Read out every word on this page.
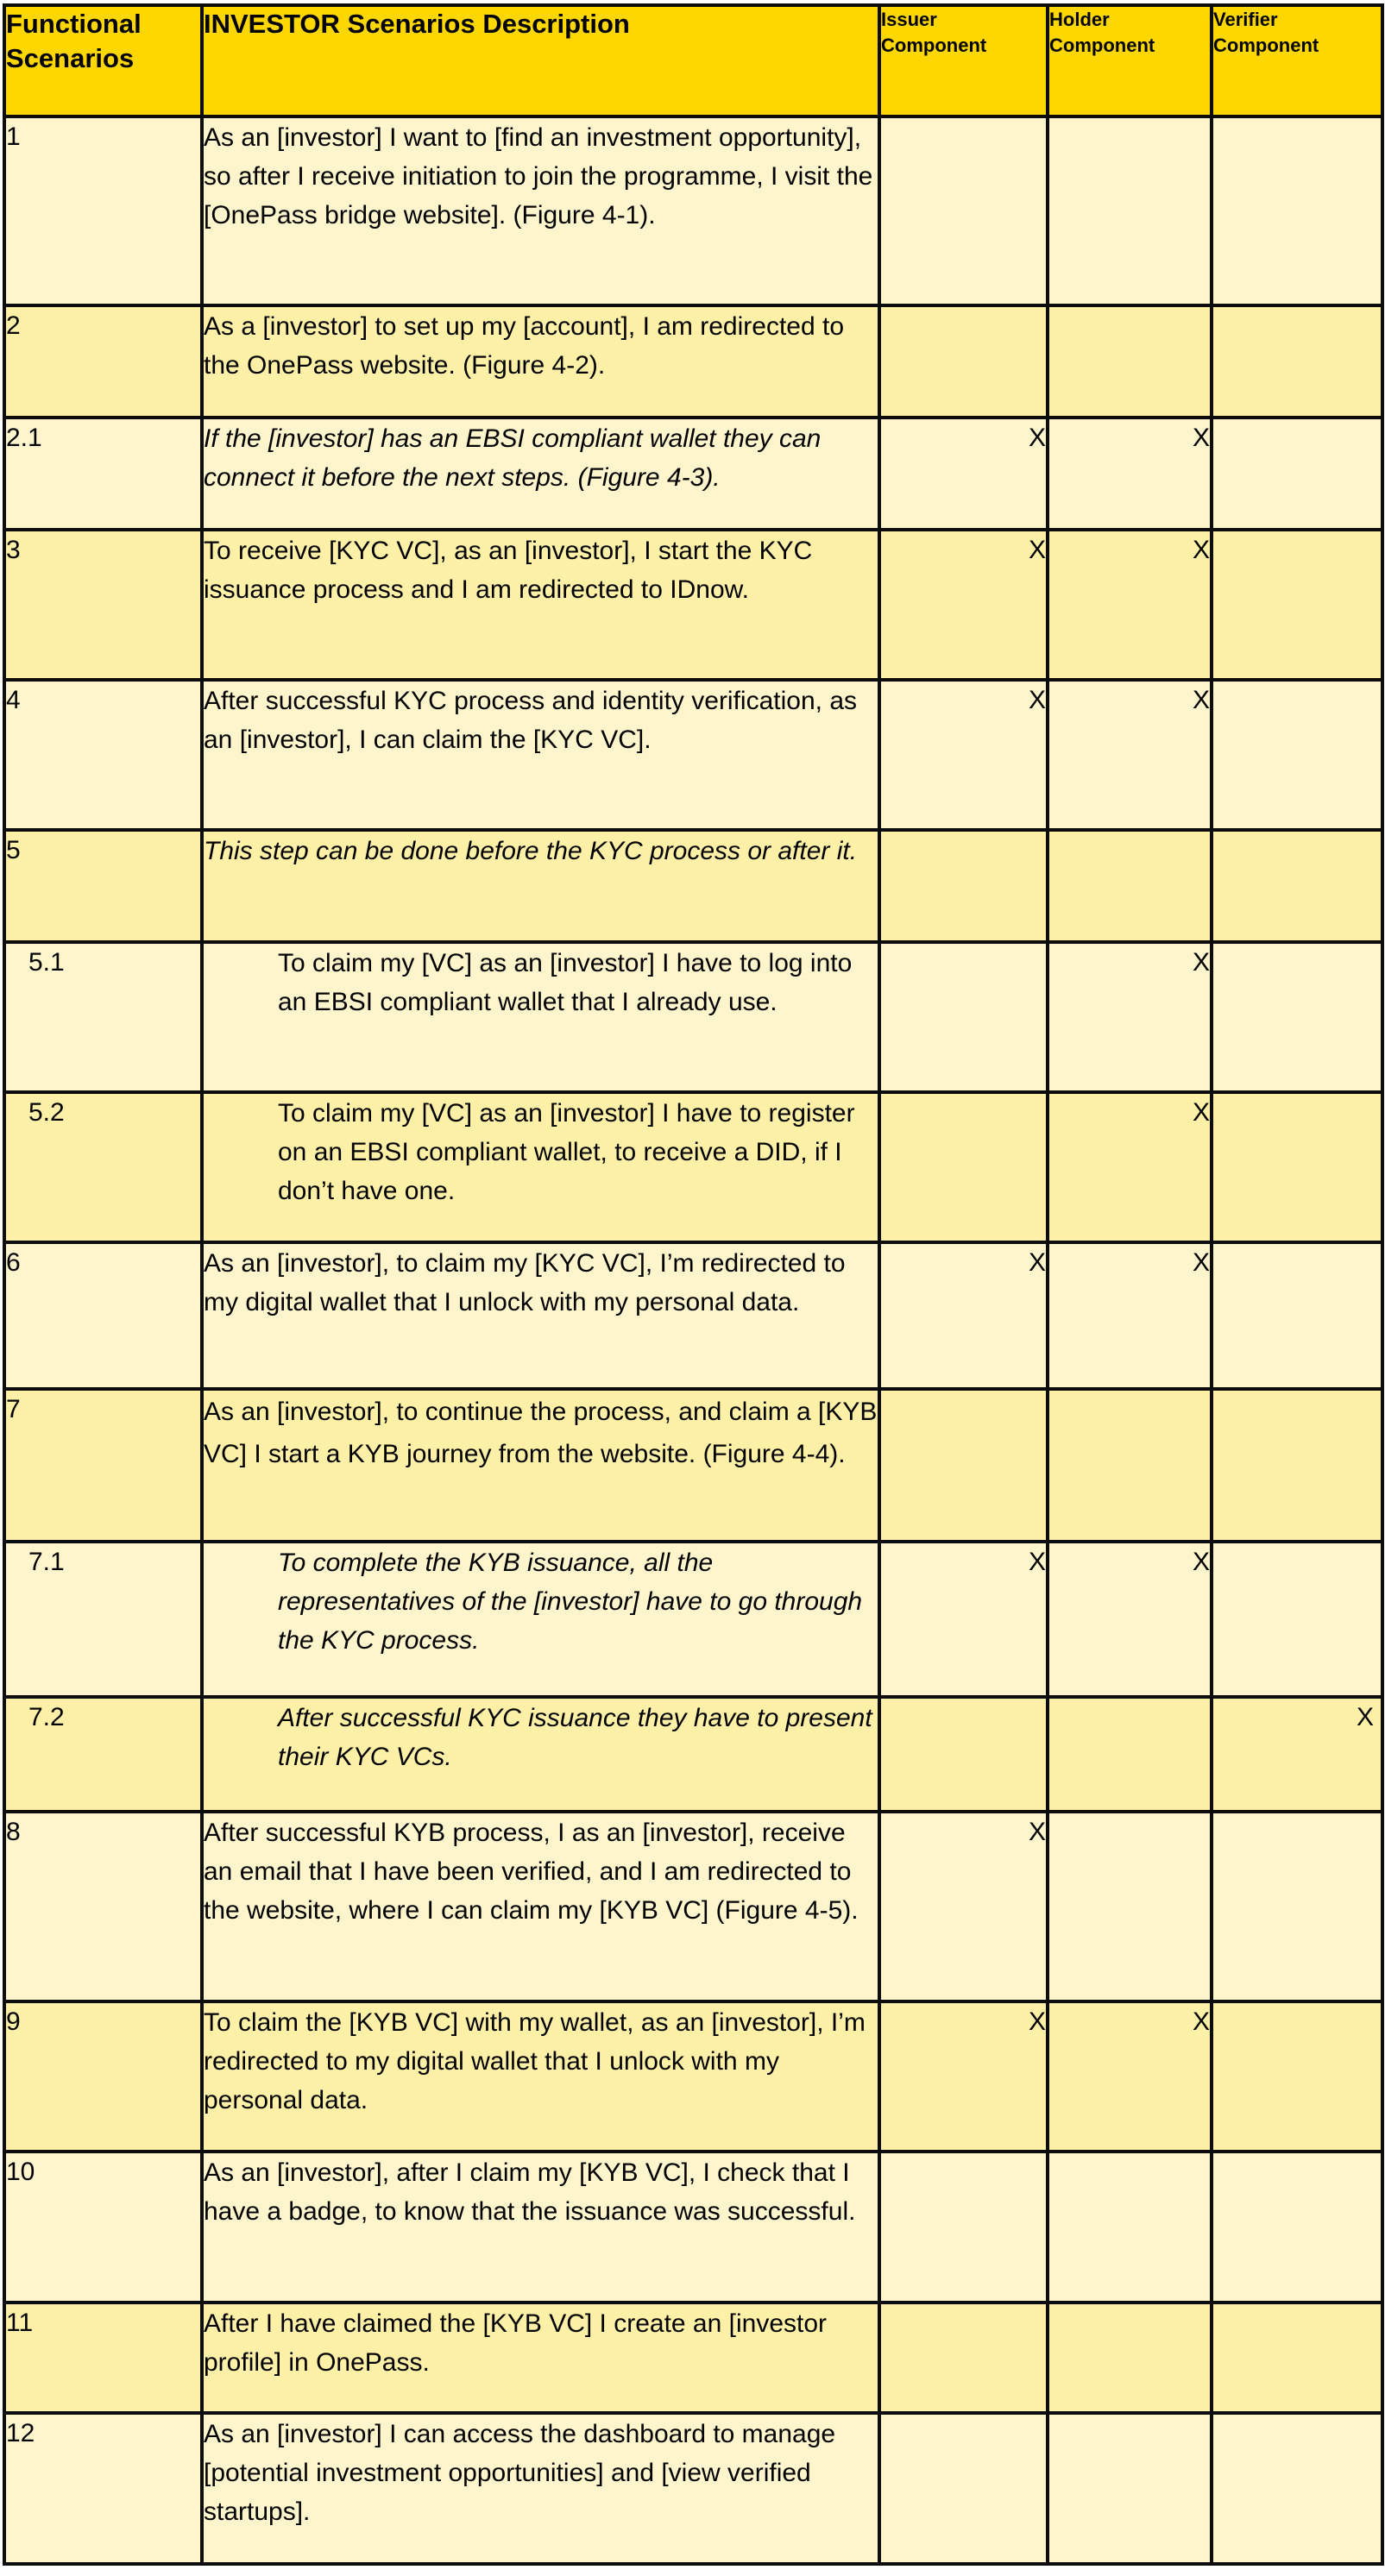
Functional Scenarios	INVESTOR Scenarios Description	Issuer Component	Holder Component	Verifier Component
1	As an [investor] I want to [find an investment opportunity], so after I receive initiation to join the programme, I visit the [OnePass bridge website]. (Figure 4-1).			
2	As a [investor] to set up my [account], I am redirected to the OnePass website. (Figure 4-2).			
2.1	If the [investor] has an EBSI compliant wallet they can connect it before the next steps. (Figure 4-3).	X	X	
3	To receive [KYC VC], as an [investor], I start the KYC issuance process and I am redirected to IDnow.	X	X	
4	After successful KYC process and identity verification, as an [investor], I can claim the [KYC VC].	X	X	
5	This step can be done before the KYC process or after it.			
5.1	To claim my [VC] as an [investor] I have to log into an EBSI compliant wallet that I already use.		X	
5.2	To claim my [VC] as an [investor] I have to register on an EBSI compliant wallet, to receive a DID, if I don’t have one.		X	
6	As an [investor], to claim my [KYC VC], I’m redirected to my digital wallet that I unlock with my personal data.	X	X	
7	As an [investor], to continue the process, and claim a [KYB VC] I start a KYB journey from the website. (Figure 4-4).			
7.1	To complete the KYB issuance, all the representatives of the [investor] have to go through the KYC process.	X	X	
7.2	After successful KYC issuance they have to present their KYC VCs.			X
8	After successful KYB process, I as an [investor], receive an email that I have been verified, and I am redirected to the website, where I can claim my [KYB VC] (Figure 4-5).	X		
9	To claim the [KYB VC] with my wallet, as an [investor], I’m redirected to my digital wallet that I unlock with my personal data.	X	X	
10	As an [investor], after I claim my [KYB VC], I check that I have a badge, to know that the issuance was successful.			
11	After I have claimed the [KYB VC] I create an [investor profile] in OnePass.			
12	As an [investor] I can access the dashboard to manage [potential investment opportunities] and [view verified startups].			
